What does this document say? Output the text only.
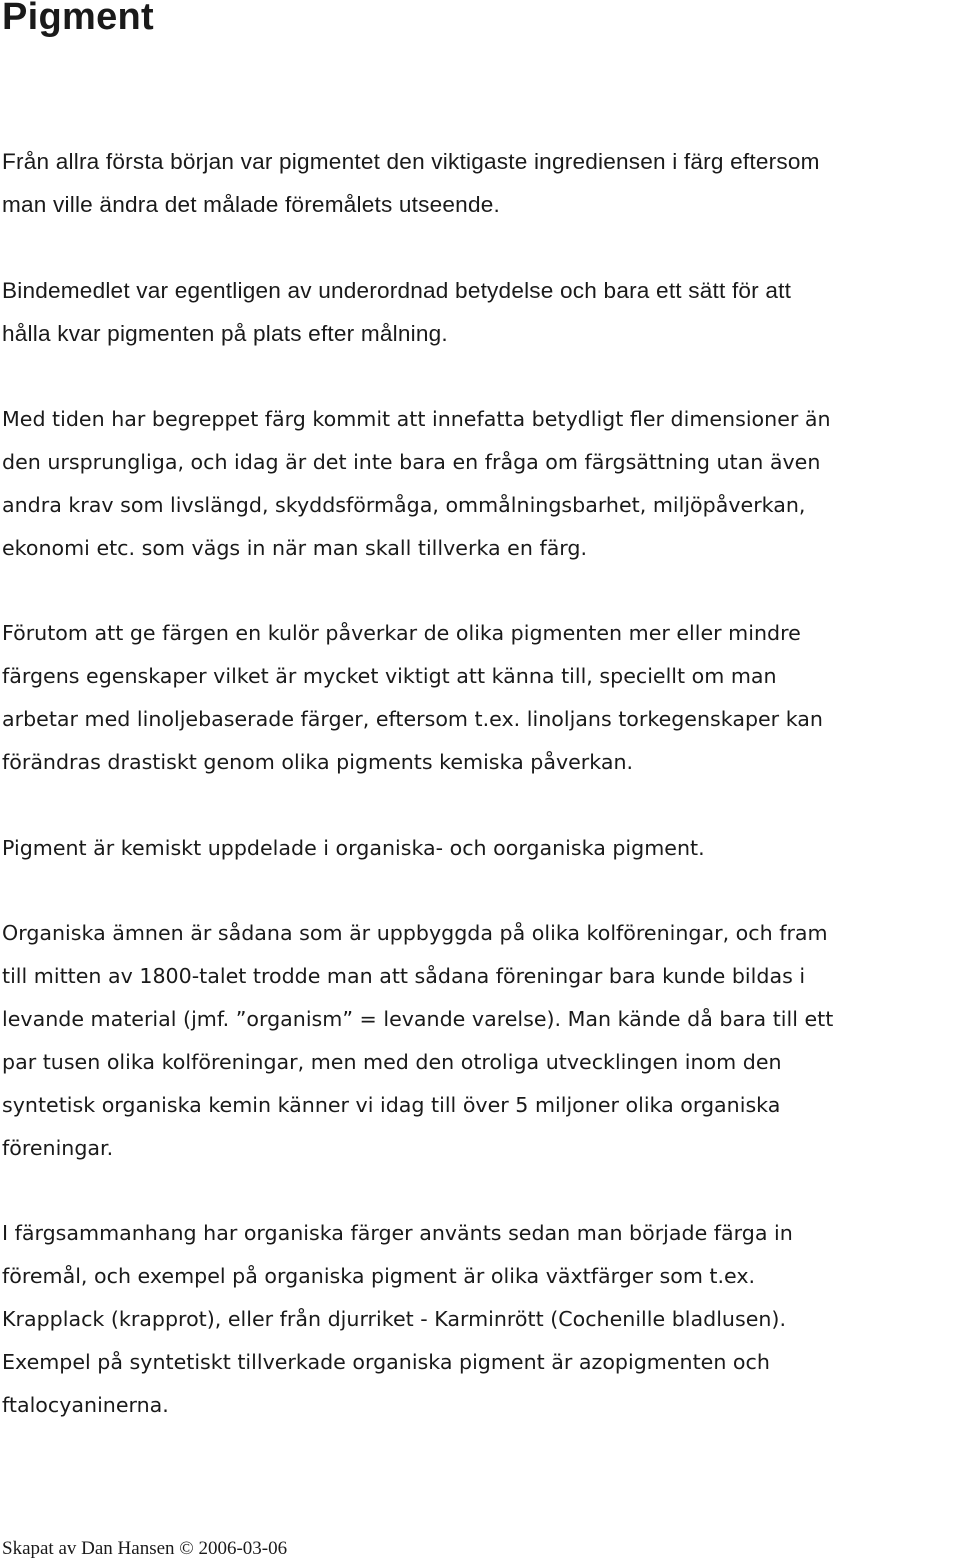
Pigment

Från allra första början var pigmentet den viktigaste ingrediensen i färg eftersom
man ville ändra det målade föremålets utseende.

Bindemedlet var egentligen av underordnad betydelse och bara ett sätt för att
hålla kvar pigmenten på plats efter målning.

Med tiden har begreppet färg kommit att innefatta betydligt fler dimensioner än
den ursprungliga, och idag är det inte bara en fråga om färgsättning utan även
andra krav som livslängd, skyddsförmåga, ommålningsbarhet, miljöpåverkan,
ekonomi etc. som vägs in när man skall tillverka en färg.

Förutom att ge färgen en kulör påverkar de olika pigmenten mer eller mindre
färgens egenskaper vilket är mycket viktigt att känna till, speciellt om man
arbetar med linoljebaserade färger, eftersom t.ex. linoljans torkegenskaper kan
förändras drastiskt genom olika pigments kemiska påverkan.

Pigment är kemiskt uppdelade i organiska- och oorganiska pigment.

Organiska ämnen är sådana som är uppbyggda på olika kolföreningar, och fram
till mitten av 1800-talet trodde man att sådana föreningar bara kunde bildas i
levande material (jmf. ”organism” = levande varelse). Man kände då bara till ett
par tusen olika kolföreningar, men med den otroliga utvecklingen inom den
syntetisk organiska kemin känner vi idag till över 5 miljoner olika organiska
föreningar.

I färgsammanhang har organiska färger använts sedan man började färga in
föremål, och exempel på organiska pigment är olika växtfärger som t.ex.
Krapplack (krapprot), eller från djurriket - Karminrött (Cochenille bladlusen).
Exempel på syntetiskt tillverkade organiska pigment är azopigmenten och
ftalocyaninerna.

Skapat av Dan Hansen © 2006-03-06
